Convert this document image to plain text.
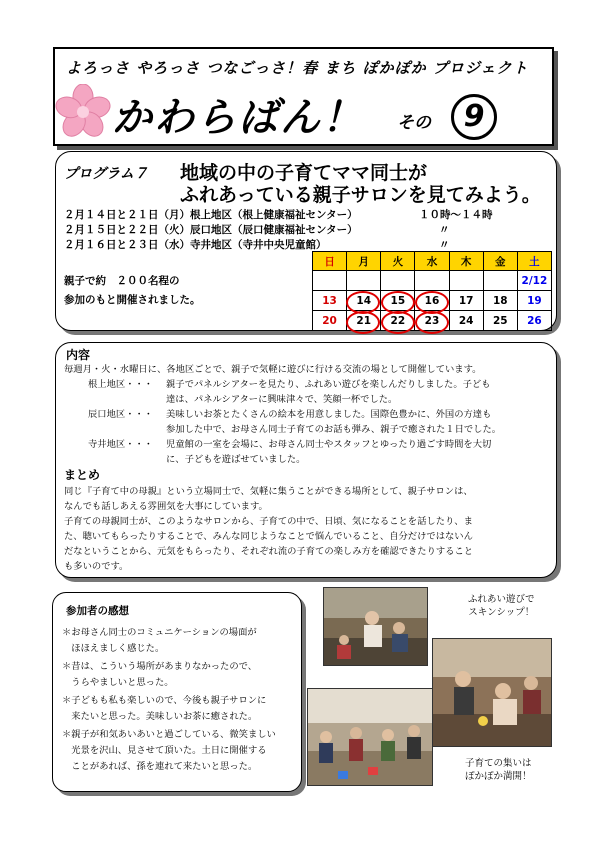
よろっさ やろっさ つなごっさ！春 まち ぽかぽか プロジェクト
かわらばん！ その	9
プログラム７ 地域の中の子育てママ同士が
ふれあっている親子サロンを見てみよう。
２月１４日と２１日（月）根上地区（根上健康福祉センター）	１０時～１４時
２月１５日と２２日（火）辰口地区（辰口健康福祉センター）	〃
２月１６日と２３日（水）寺井地区（寺井中央児童館）	〃
親子で約　２００名程の
参加のもと開催されました。
日	月	火	水	木	金	土
						2/12
13	14	15	16	17	18	19
20	21	22	23	24	25	26
内容
毎週月・火・水曜日に、各地区ごとで、親子で気軽に遊びに行ける交流の場として開催しています。
根上地区・・・ 親子でパネルシアターを見たり、ふれあい遊びを楽しんだりしました。子ども
達は、パネルシアターに興味津々で、笑顔一杯でした。
辰口地区・・・ 美味しいお茶とたくさんの絵本を用意しました。国際色豊かに、外国の方達も
参加した中で、お母さん同士子育てのお話も弾み、親子で癒された１日でした。
寺井地区・・・ 児童館の一室を会場に、お母さん同士やスタッフとゆったり過ごす時間を大切
に、子どもを遊ばせていました。
まとめ
同じ『子育て中の母親』という立場同士で、気軽に集うことができる場所として、親子サロンは、
なんでも話しあえる雰囲気を大事にしています。
子育ての母親同士が、このようなサロンから、子育ての中で、日頃、気になることを話したり、ま
た、聴いてもらったりすることで、みんな同じようなことで悩んでいること、自分だけではないん
だなということから、元気をもらったり、それぞれ流の子育ての楽しみ方を確認できたりすること
も多いのです。
参加者の感想
＊お母さん同士のコミュニケーションの場面が
　ほほえましく感じた。
＊昔は、こういう場所があまりなかったので、
　うらやましいと思った。
＊子どもも私も楽しいので、今後も親子サロンに
　来たいと思った。美味しいお茶に癒された。
＊親子が和気あいあいと過ごしている、微笑ましい
　光景を沢山、見させて頂いた。土日に開催する
　ことがあれば、孫を連れて来たいと思った。
ふれあい遊びで
スキンシップ！
子育ての集いは
ぽかぽか満開！
